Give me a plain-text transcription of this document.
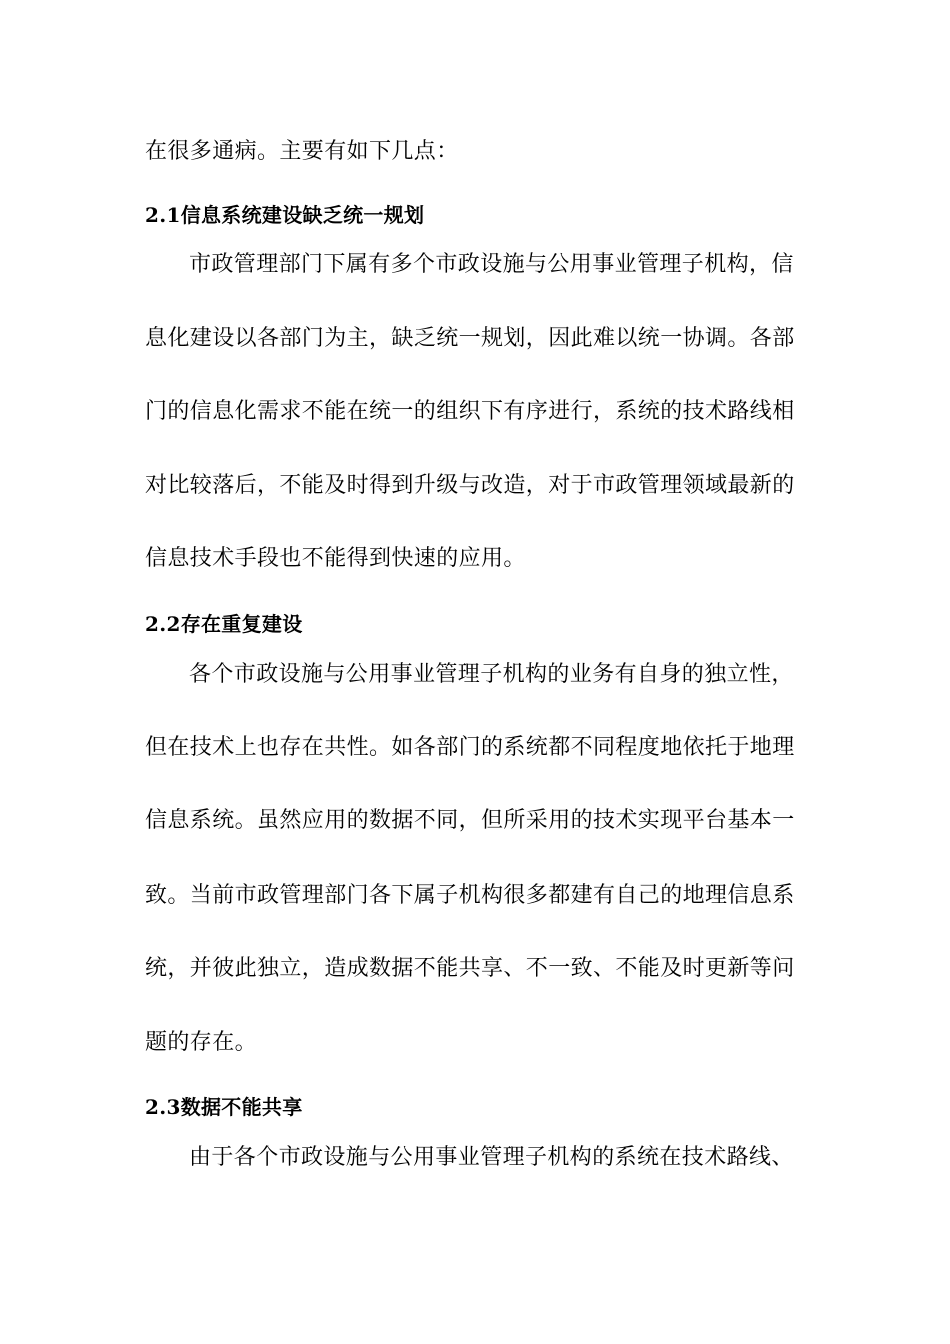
在很多通病。主要有如下几点：
2.1信息系统建设缺乏统一规划
市政管理部门下属有多个市政设施与公用事业管理子机构，信
息化建设以各部门为主，缺乏统一规划，因此难以统一协调。各部
门的信息化需求不能在统一的组织下有序进行，系统的技术路线相
对比较落后，不能及时得到升级与改造，对于市政管理领域最新的
信息技术手段也不能得到快速的应用。
2.2存在重复建设
各个市政设施与公用事业管理子机构的业务有自身的独立性，
但在技术上也存在共性。如各部门的系统都不同程度地依托于地理
信息系统。虽然应用的数据不同，但所采用的技术实现平台基本一
致。当前市政管理部门各下属子机构很多都建有自己的地理信息系
统，并彼此独立，造成数据不能共享、不一致、不能及时更新等问
题的存在。
2.3数据不能共享
由于各个市政设施与公用事业管理子机构的系统在技术路线、
